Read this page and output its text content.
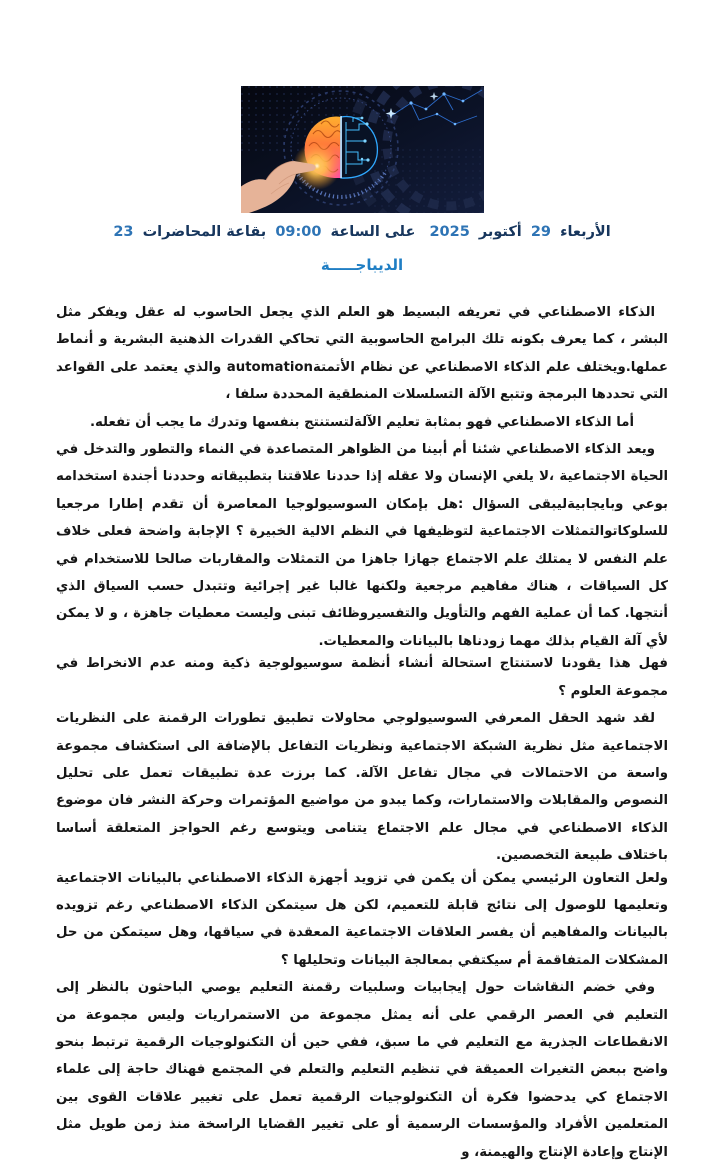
الأربعاء 29 أكتوبر 2025 على الساعة 09:00 بقاعة المحاضرات 23
الديباجـــــة

الذكاء الاصطناعي في تعريفه البسيط هو العلم الذي يجعل الحاسوب له عقل ويفكر مثل البشر ، كما يعرف بكونه تلك البرامج الحاسوبية التي تحاكي القدرات الذهنية البشرية و أنماط عملها.ويختلف علم الذكاء الاصطناعي عن نظام الأتمتةautomation والذي يعتمد على القواعد التي تحددها البرمجة وتتبع الآلة التسلسلات المنطقية المحددة سلفا ،

أما الذكاء الاصطناعي فهو بمثابة تعليم الآلةلتستنتج بنفسها وتدرك ما يجب أن تفعله.

ويعد الذكاء الاصطناعي شئنا أم أبينا من الظواهر المتصاعدة في النماء والتطور والتدخل في الحياة الاجتماعية ،لا يلغي الإنسان ولا عقله إذا حددنا علاقتنا بتطبيقاته وحددنا أجندة استخدامه بوعي وبايجابيةليبقى السؤال :هل بإمكان السوسيولوجيا المعاصرة أن تقدم إطارا مرجعيا للسلوكاتوالتمثلات الاجتماعية لتوظيفها في النظم الالية الخبيرة ؟ الإجابة واضحة فعلى خلاف علم النفس لا يمتلك علم الاجتماع جهازا جاهزا من التمثلات والمقاربات صالحا للاستخدام في كل السياقات ، هناك مفاهيم مرجعية ولكنها غالبا غير إجرائية وتتبدل حسب السياق الذي أنتجها. كما أن عملية الفهم والتأويل والتفسيروظائف تبنى وليست معطيات جاهزة ، و لا يمكن لأي آلة القيام بذلك مهما زودناها بالبيانات والمعطيات.

فهل هذا يقودنا لاستنتاج استحالة أنشاء أنظمة سوسيولوجية ذكية ومنه عدم الانخراط في مجموعة العلوم ؟

لقد شهد الحقل المعرفي السوسيولوجي محاولات تطبيق تطورات الرقمنة على النظريات الاجتماعية مثل نظرية الشبكة الاجتماعية ونظريات التفاعل بالإضافة الى استكشاف مجموعة واسعة من الاحتمالات في مجال تفاعل الآلة. كما برزت عدة تطبيقات تعمل على تحليل النصوص والمقابلات والاستمارات، وكما يبدو من مواضيع المؤتمرات وحركة النشر فان موضوع الذكاء الاصطناعي في مجال علم الاجتماع يتنامى ويتوسع رغم الحواجز المتعلقة أساسا باختلاف طبيعة التخصصين.

ولعل التعاون الرئيسي يمكن أن يكمن في تزويد أجهزة الذكاء الاصطناعي بالبيانات الاجتماعية وتعليمها للوصول إلى نتائج قابلة للتعميم، لكن هل سيتمكن الذكاء الاصطناعي رغم تزويده بالبيانات والمفاهيم أن يفسر العلاقات الاجتماعية المعقدة في سياقها، وهل سيتمكن من حل المشكلات المتفاقمة أم سيكتفي بمعالجة البيانات وتحليلها ؟

وفي خضم النقاشات حول إيجابيات وسلبيات رقمنة التعليم يوصي الباحثون بالنظر إلى التعليم في العصر الرقمي على أنه يمثل مجموعة من الاستمراريات وليس مجموعة من الانقطاعات الجذرية مع التعليم في ما سبق، ففي حين أن التكنولوجيات الرقمية ترتبط بنحو واضح ببعض التغيرات العميقة في تنظيم التعليم والتعلم في المجتمع فهناك حاجة إلى علماء الاجتماع كي يدحضوا فكرة أن التكنولوجيات الرقمية تعمل على تغيير علاقات القوى بين المتعلمين الأفراد والمؤسسات الرسمية أو على تغيير القضايا الراسخة منذ زمن طويل مثل الإنتاج وإعادة الإنتاج والهيمنة، و
